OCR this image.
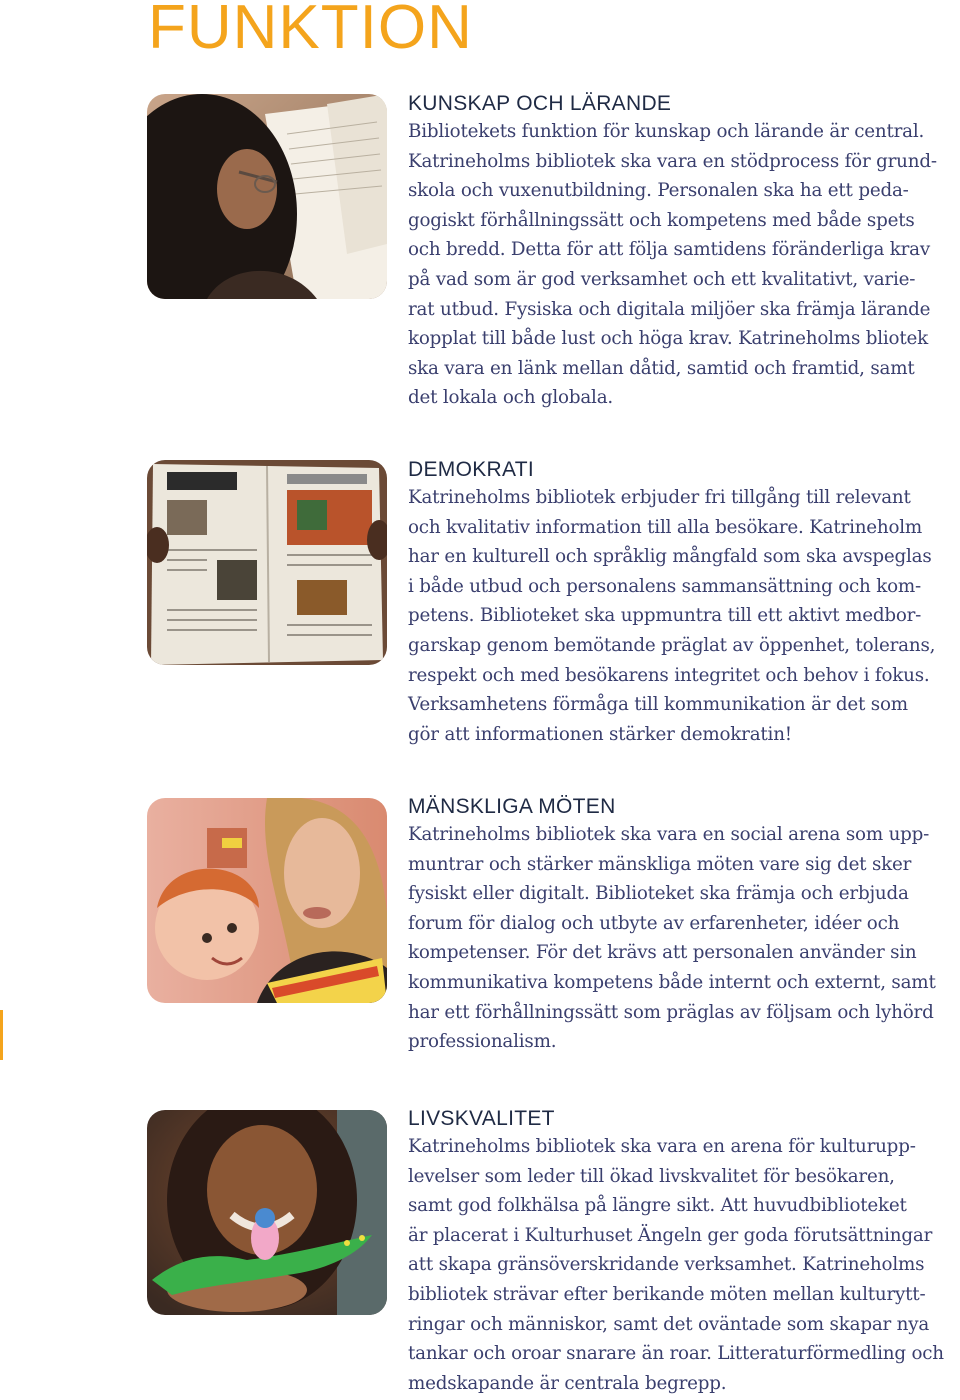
FUNKTION
KUNSKAP OCH LÄRANDE
Bibliotekets funktion för kunskap och lärande är central.
Katrineholms bibliotek ska vara en stödprocess för grund-
skola och vuxenutbildning. Personalen ska ha ett peda-
gogiskt förhållningssätt och kompetens med både spets
och bredd. Detta för att följa samtidens föränderliga krav
på vad som är god verksamhet och ett kvalitativt, varie-
rat utbud. Fysiska och digitala miljöer ska främja lärande
kopplat till både lust och höga krav. Katrineholms bliotek
ska vara en länk mellan dåtid, samtid och framtid, samt
det lokala och globala.
DEMOKRATI
Katrineholms bibliotek erbjuder fri tillgång till relevant
och kvalitativ information till alla besökare. Katrineholm
har en kulturell och språklig mångfald som ska avspeglas
i både utbud och personalens sammansättning och kom-
petens. Biblioteket ska uppmuntra till ett aktivt medbor-
garskap genom bemötande präglat av öppenhet, tolerans,
respekt och med besökarens integritet och behov i fokus.
Verksamhetens förmåga till kommunikation är det som
gör att informationen stärker demokratin!
MÄNSKLIGA MÖTEN
Katrineholms bibliotek ska vara en social arena som upp-
muntrar och stärker mänskliga möten vare sig det sker
fysiskt eller digitalt. Biblioteket ska främja och erbjuda
forum för dialog och utbyte av erfarenheter, idéer och
kompetenser. För det krävs att personalen använder sin
kommunikativa kompetens både internt och externt, samt
har ett förhållningssätt som präglas av följsam och lyhörd
professionalism.
LIVSKVALITET
Katrineholms bibliotek ska vara en arena för kulturupp-
levelser som leder till ökad livskvalitet för besökaren,
samt god folkhälsa på längre sikt. Att huvudbiblioteket
är placerat i Kulturhuset Ängeln ger goda förutsättningar
att skapa gränsöverskridande verksamhet. Katrineholms
bibliotek strävar efter berikande möten mellan kulturytt-
ringar och människor, samt det oväntade som skapar nya
tankar och oroar snarare än roar. Litteraturförmedling och
medskapande är centrala begrepp.
